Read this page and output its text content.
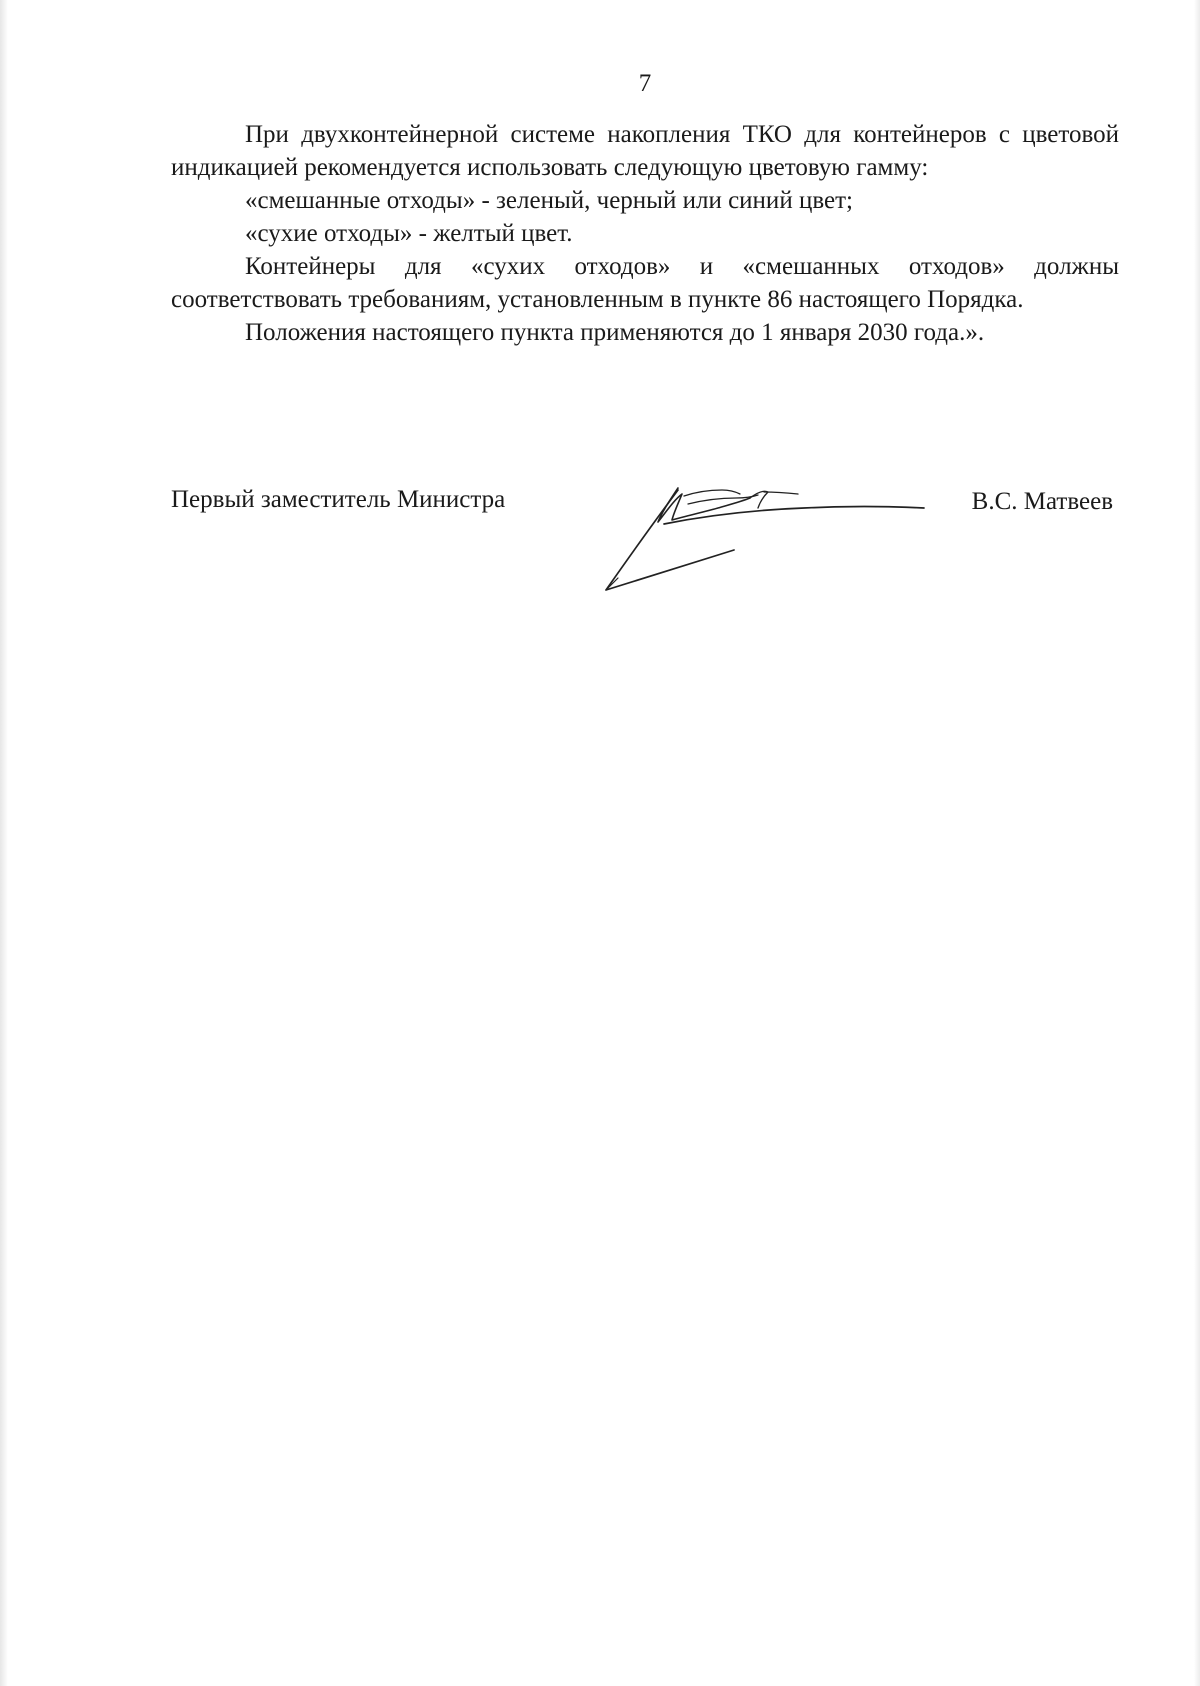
7

При двухконтейнерной системе накопления ТКО для контейнеров с цветовой индикацией рекомендуется использовать следующую цветовую гамму:

«смешанные отходы» - зеленый, черный или синий цвет;

«сухие отходы» - желтый цвет.

Контейнеры для «сухих отходов» и «смешанных отходов» должны соответствовать требованиям, установленным в пункте 86 настоящего Порядка.

Положения настоящего пункта применяются до 1 января 2030 года.».

Первый заместитель Министра	В.С. Матвеев
